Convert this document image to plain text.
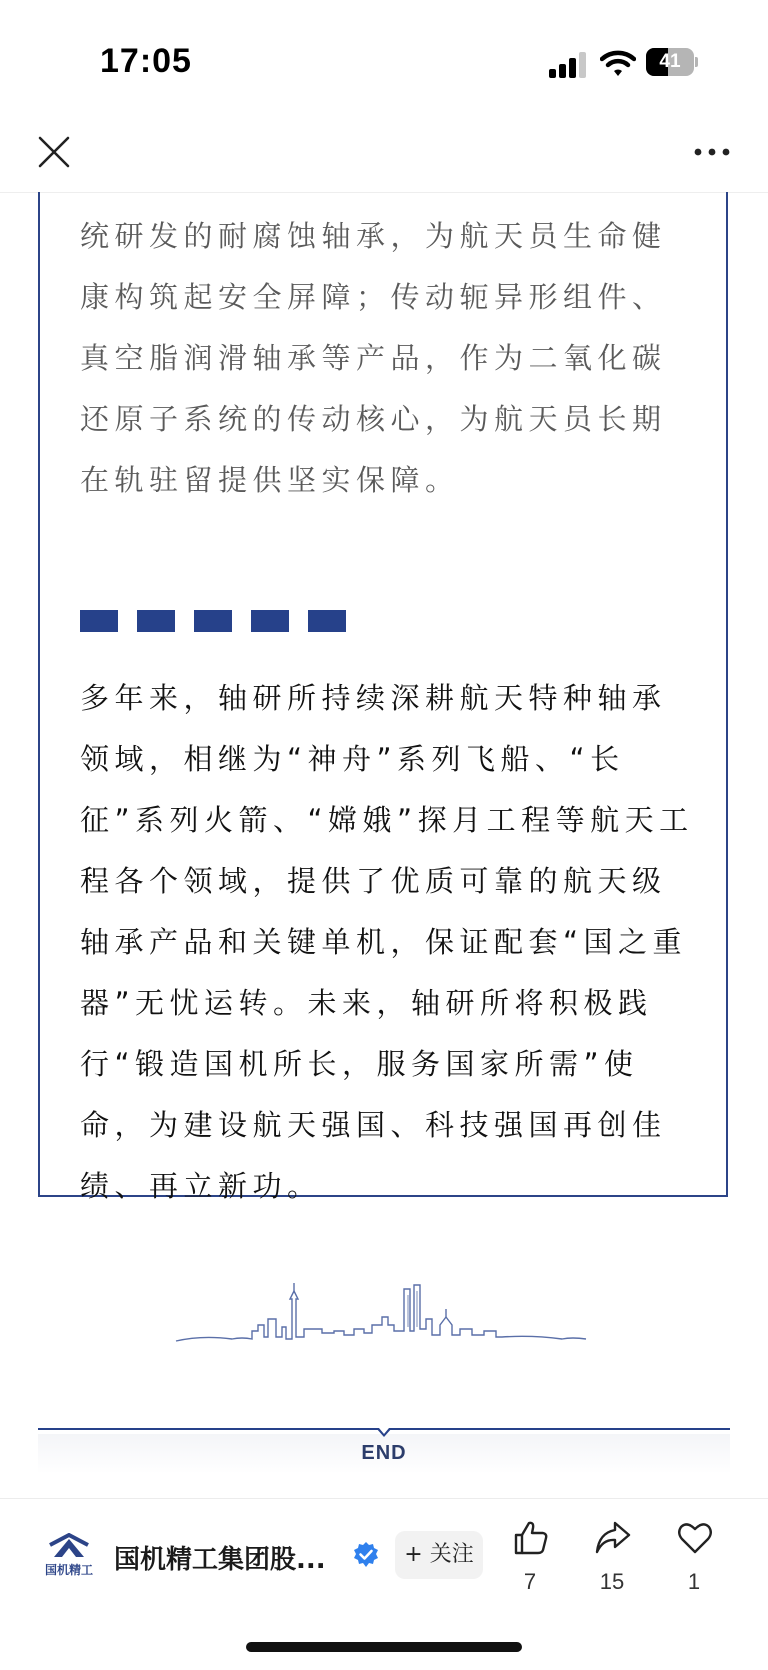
17:05	41

统研发的耐腐蚀轴承，为航天员生命健康构筑起安全屏障；传动轭异形组件、真空脂润滑轴承等产品，作为二氧化碳还原子系统的传动核心，为航天员长期在轨驻留提供坚实保障。

多年来，轴研所持续深耕航天特种轴承领域，相继为“神舟”系列飞船、“长征”系列火箭、“嫦娥”探月工程等航天工程各个领域，提供了优质可靠的航天级轴承产品和关键单机，保证配套“国之重器”无忧运转。未来，轴研所将积极践行“锻造国机所长，服务国家所需”使命，为建设航天强国、科技强国再创佳绩、再立新功。

END
国机精工 国机精工集团股...	+ 关注
7	15	1
